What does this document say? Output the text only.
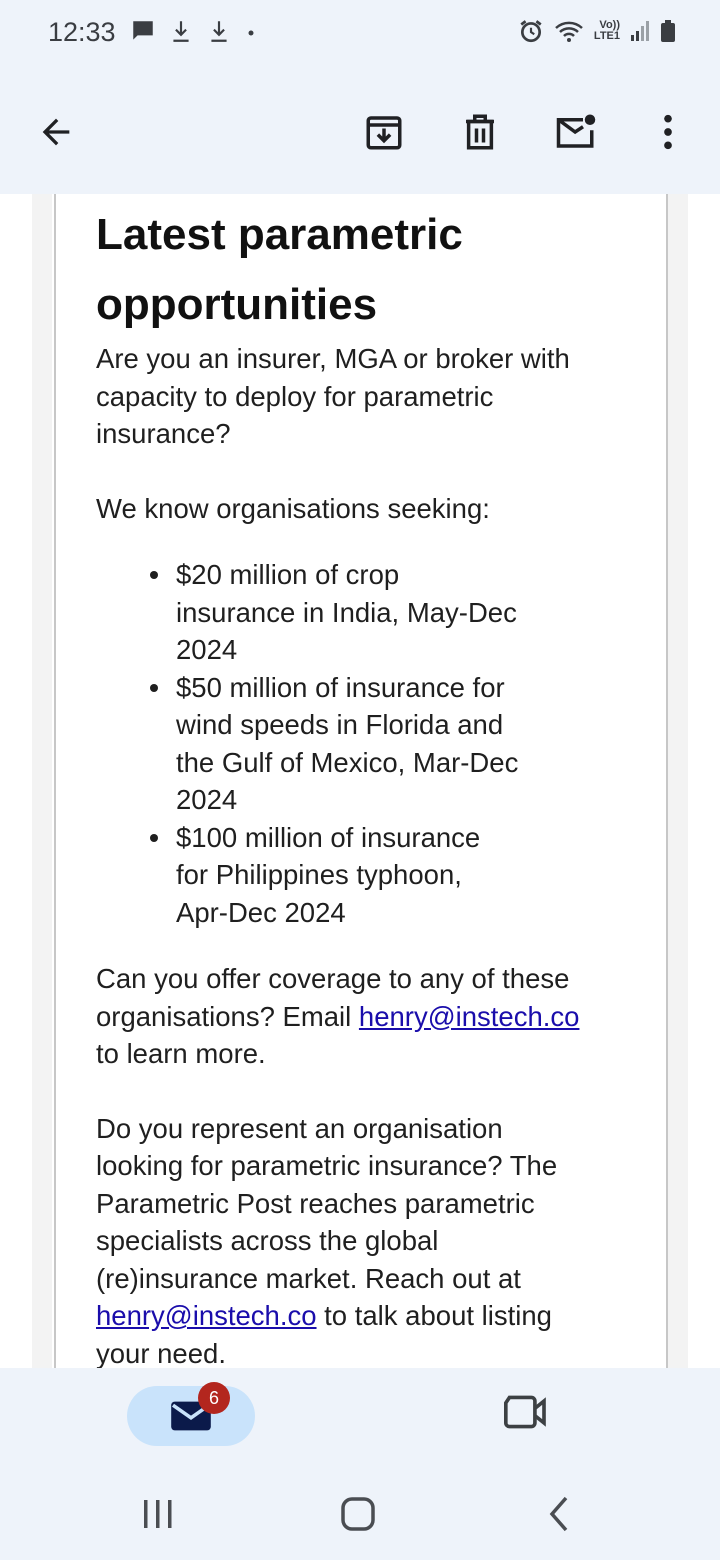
12:33	Vo))
LTE1
Latest parametric
opportunities

Are you an insurer, MGA or broker with
capacity to deploy for parametric
insurance?

We know organisations seeking:

$20 million of crop
insurance in India, May-Dec
2024
$50 million of insurance for
wind speeds in Florida and
the Gulf of Mexico, Mar-Dec
2024
$100 million of insurance
for Philippines typhoon,
Apr-Dec 2024

Can you offer coverage to any of these
organisations? Email henry@instech.co
to learn more.

Do you represent an organisation
looking for parametric insurance? The
Parametric Post reaches parametric
specialists across the global
(re)insurance market. Reach out at
henry@instech.co to talk about listing
your need.

6
